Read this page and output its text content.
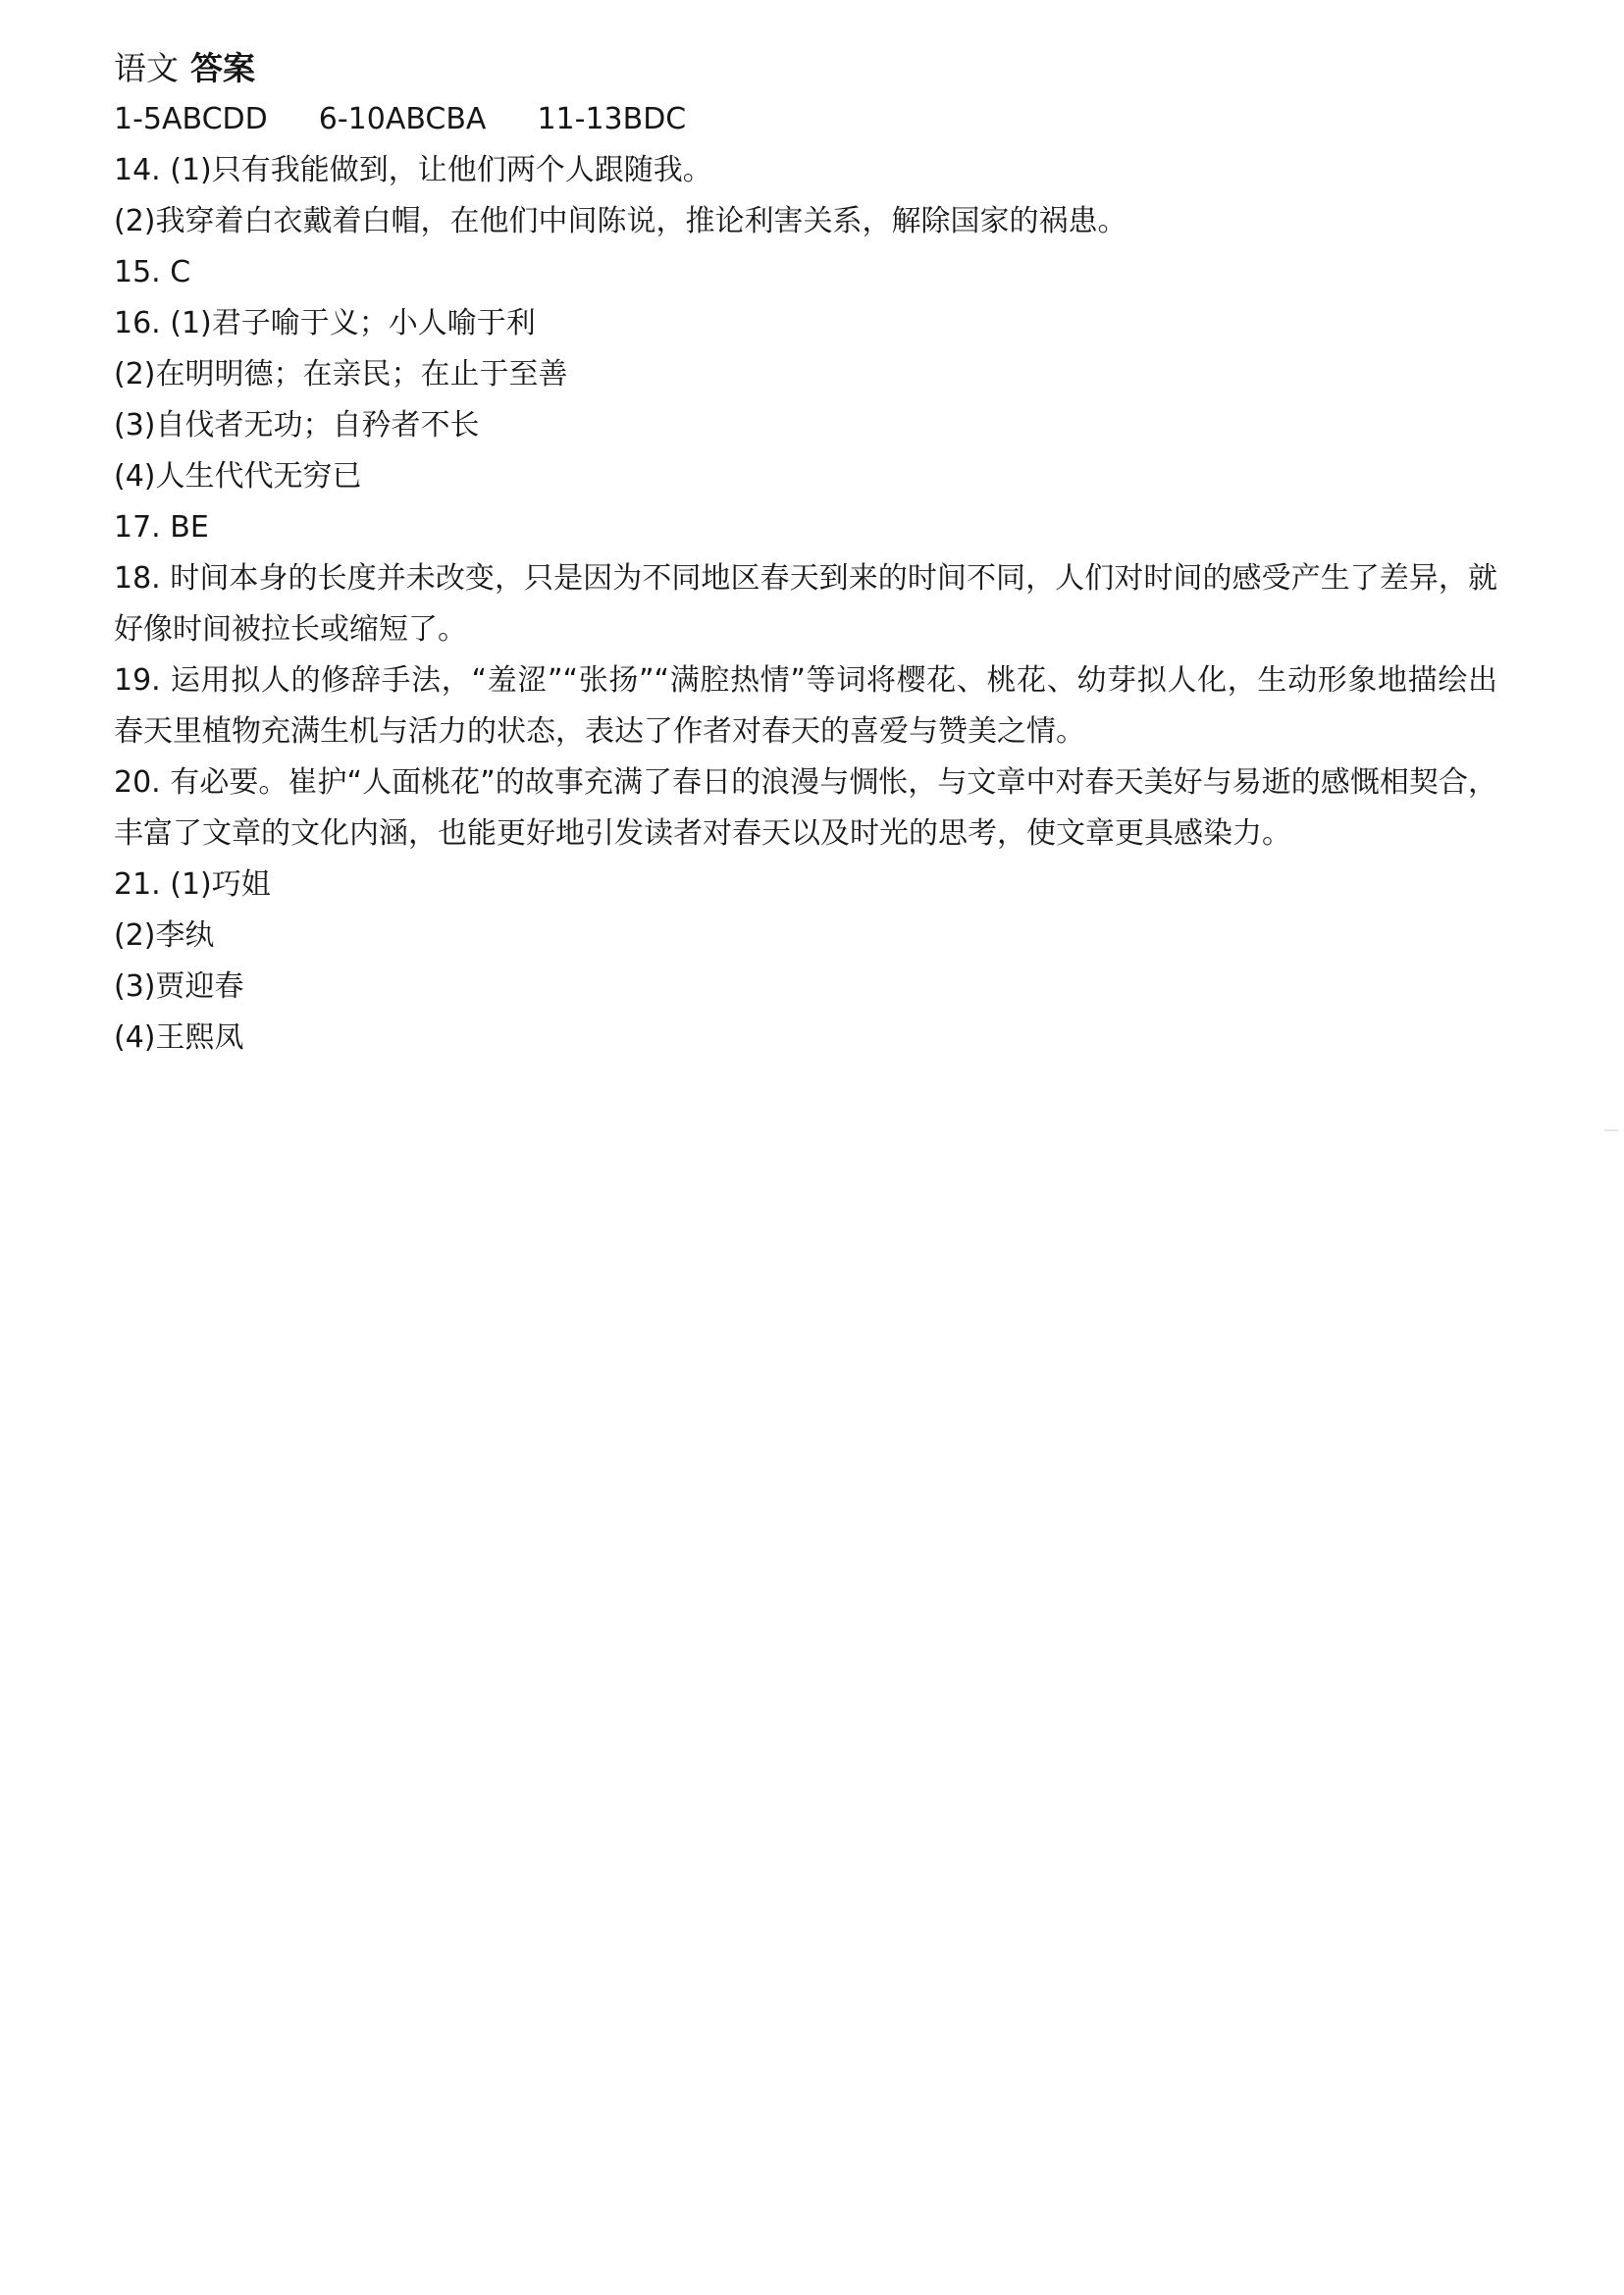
语文 答案
1-5ABCDD 6-10ABCBA 11-13BDC
14. (1)只有我能做到，让他们两个人跟随我。
(2)我穿着白衣戴着白帽，在他们中间陈说，推论利害关系，解除国家的祸患。
15. C
16. (1)君子喻于义；小人喻于利
(2)在明明德；在亲民；在止于至善
(3)自伐者无功；自矜者不长
(4)人生代代无穷已
17. BE
18. 时间本身的长度并未改变，只是因为不同地区春天到来的时间不同，人们对时间的感受产生了差异，就好像时间被拉长或缩短了。
19. 运用拟人的修辞手法，“羞涩”“张扬”“满腔热情”等词将樱花、桃花、幼芽拟人化，生动形象地描绘出春天里植物充满生机与活力的状态，表达了作者对春天的喜爱与赞美之情。
20. 有必要。崔护“人面桃花”的故事充满了春日的浪漫与惆怅，与文章中对春天美好与易逝的感慨相契合，丰富了文章的文化内涵，也能更好地引发读者对春天以及时光的思考，使文章更具感染力。
21. (1)巧姐
(2)李纨
(3)贾迎春
(4)王熙凤
